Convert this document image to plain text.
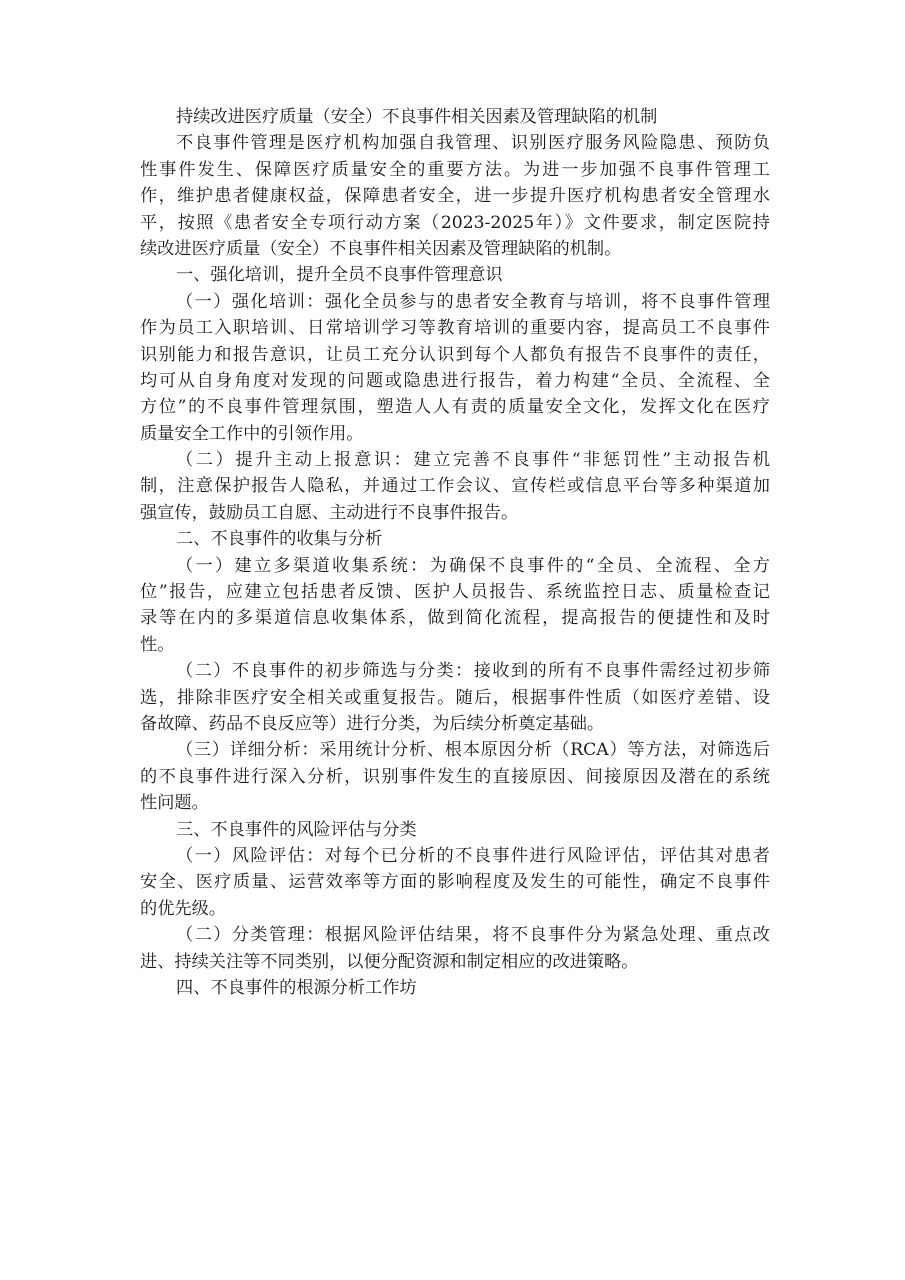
持续改进医疗质量（安全）不良事件相关因素及管理缺陷的机制
不良事件管理是医疗机构加强自我管理、识别医疗服务风险隐患、预防负
性事件发生、保障医疗质量安全的重要方法。为进一步加强不良事件管理工
作，维护患者健康权益，保障患者安全，进一步提升医疗机构患者安全管理水
平，按照《患者安全专项行动方案（2023-2025年）》文件要求，制定医院持
续改进医疗质量（安全）不良事件相关因素及管理缺陷的机制。
一、强化培训，提升全员不良事件管理意识
（一）强化培训：强化全员参与的患者安全教育与培训，将不良事件管理
作为员工入职培训、日常培训学习等教育培训的重要内容，提高员工不良事件
识别能力和报告意识，让员工充分认识到每个人都负有报告不良事件的责任，
均可从自身角度对发现的问题或隐患进行报告，着力构建“全员、全流程、全
方位”的不良事件管理氛围，塑造人人有责的质量安全文化，发挥文化在医疗
质量安全工作中的引领作用。
（二）提升主动上报意识：建立完善不良事件“非惩罚性”主动报告机
制，注意保护报告人隐私，并通过工作会议、宣传栏或信息平台等多种渠道加
强宣传，鼓励员工自愿、主动进行不良事件报告。
二、不良事件的收集与分析
（一）建立多渠道收集系统：为确保不良事件的“全员、全流程、全方
位”报告，应建立包括患者反馈、医护人员报告、系统监控日志、质量检查记
录等在内的多渠道信息收集体系，做到简化流程，提高报告的便捷性和及时
性。
（二）不良事件的初步筛选与分类：接收到的所有不良事件需经过初步筛
选，排除非医疗安全相关或重复报告。随后，根据事件性质（如医疗差错、设
备故障、药品不良反应等）进行分类，为后续分析奠定基础。
（三）详细分析：采用统计分析、根本原因分析（RCA）等方法，对筛选后
的不良事件进行深入分析，识别事件发生的直接原因、间接原因及潜在的系统
性问题。
三、不良事件的风险评估与分类
（一）风险评估：对每个已分析的不良事件进行风险评估，评估其对患者
安全、医疗质量、运营效率等方面的影响程度及发生的可能性，确定不良事件
的优先级。
（二）分类管理：根据风险评估结果，将不良事件分为紧急处理、重点改
进、持续关注等不同类别，以便分配资源和制定相应的改进策略。
四、不良事件的根源分析工作坊
